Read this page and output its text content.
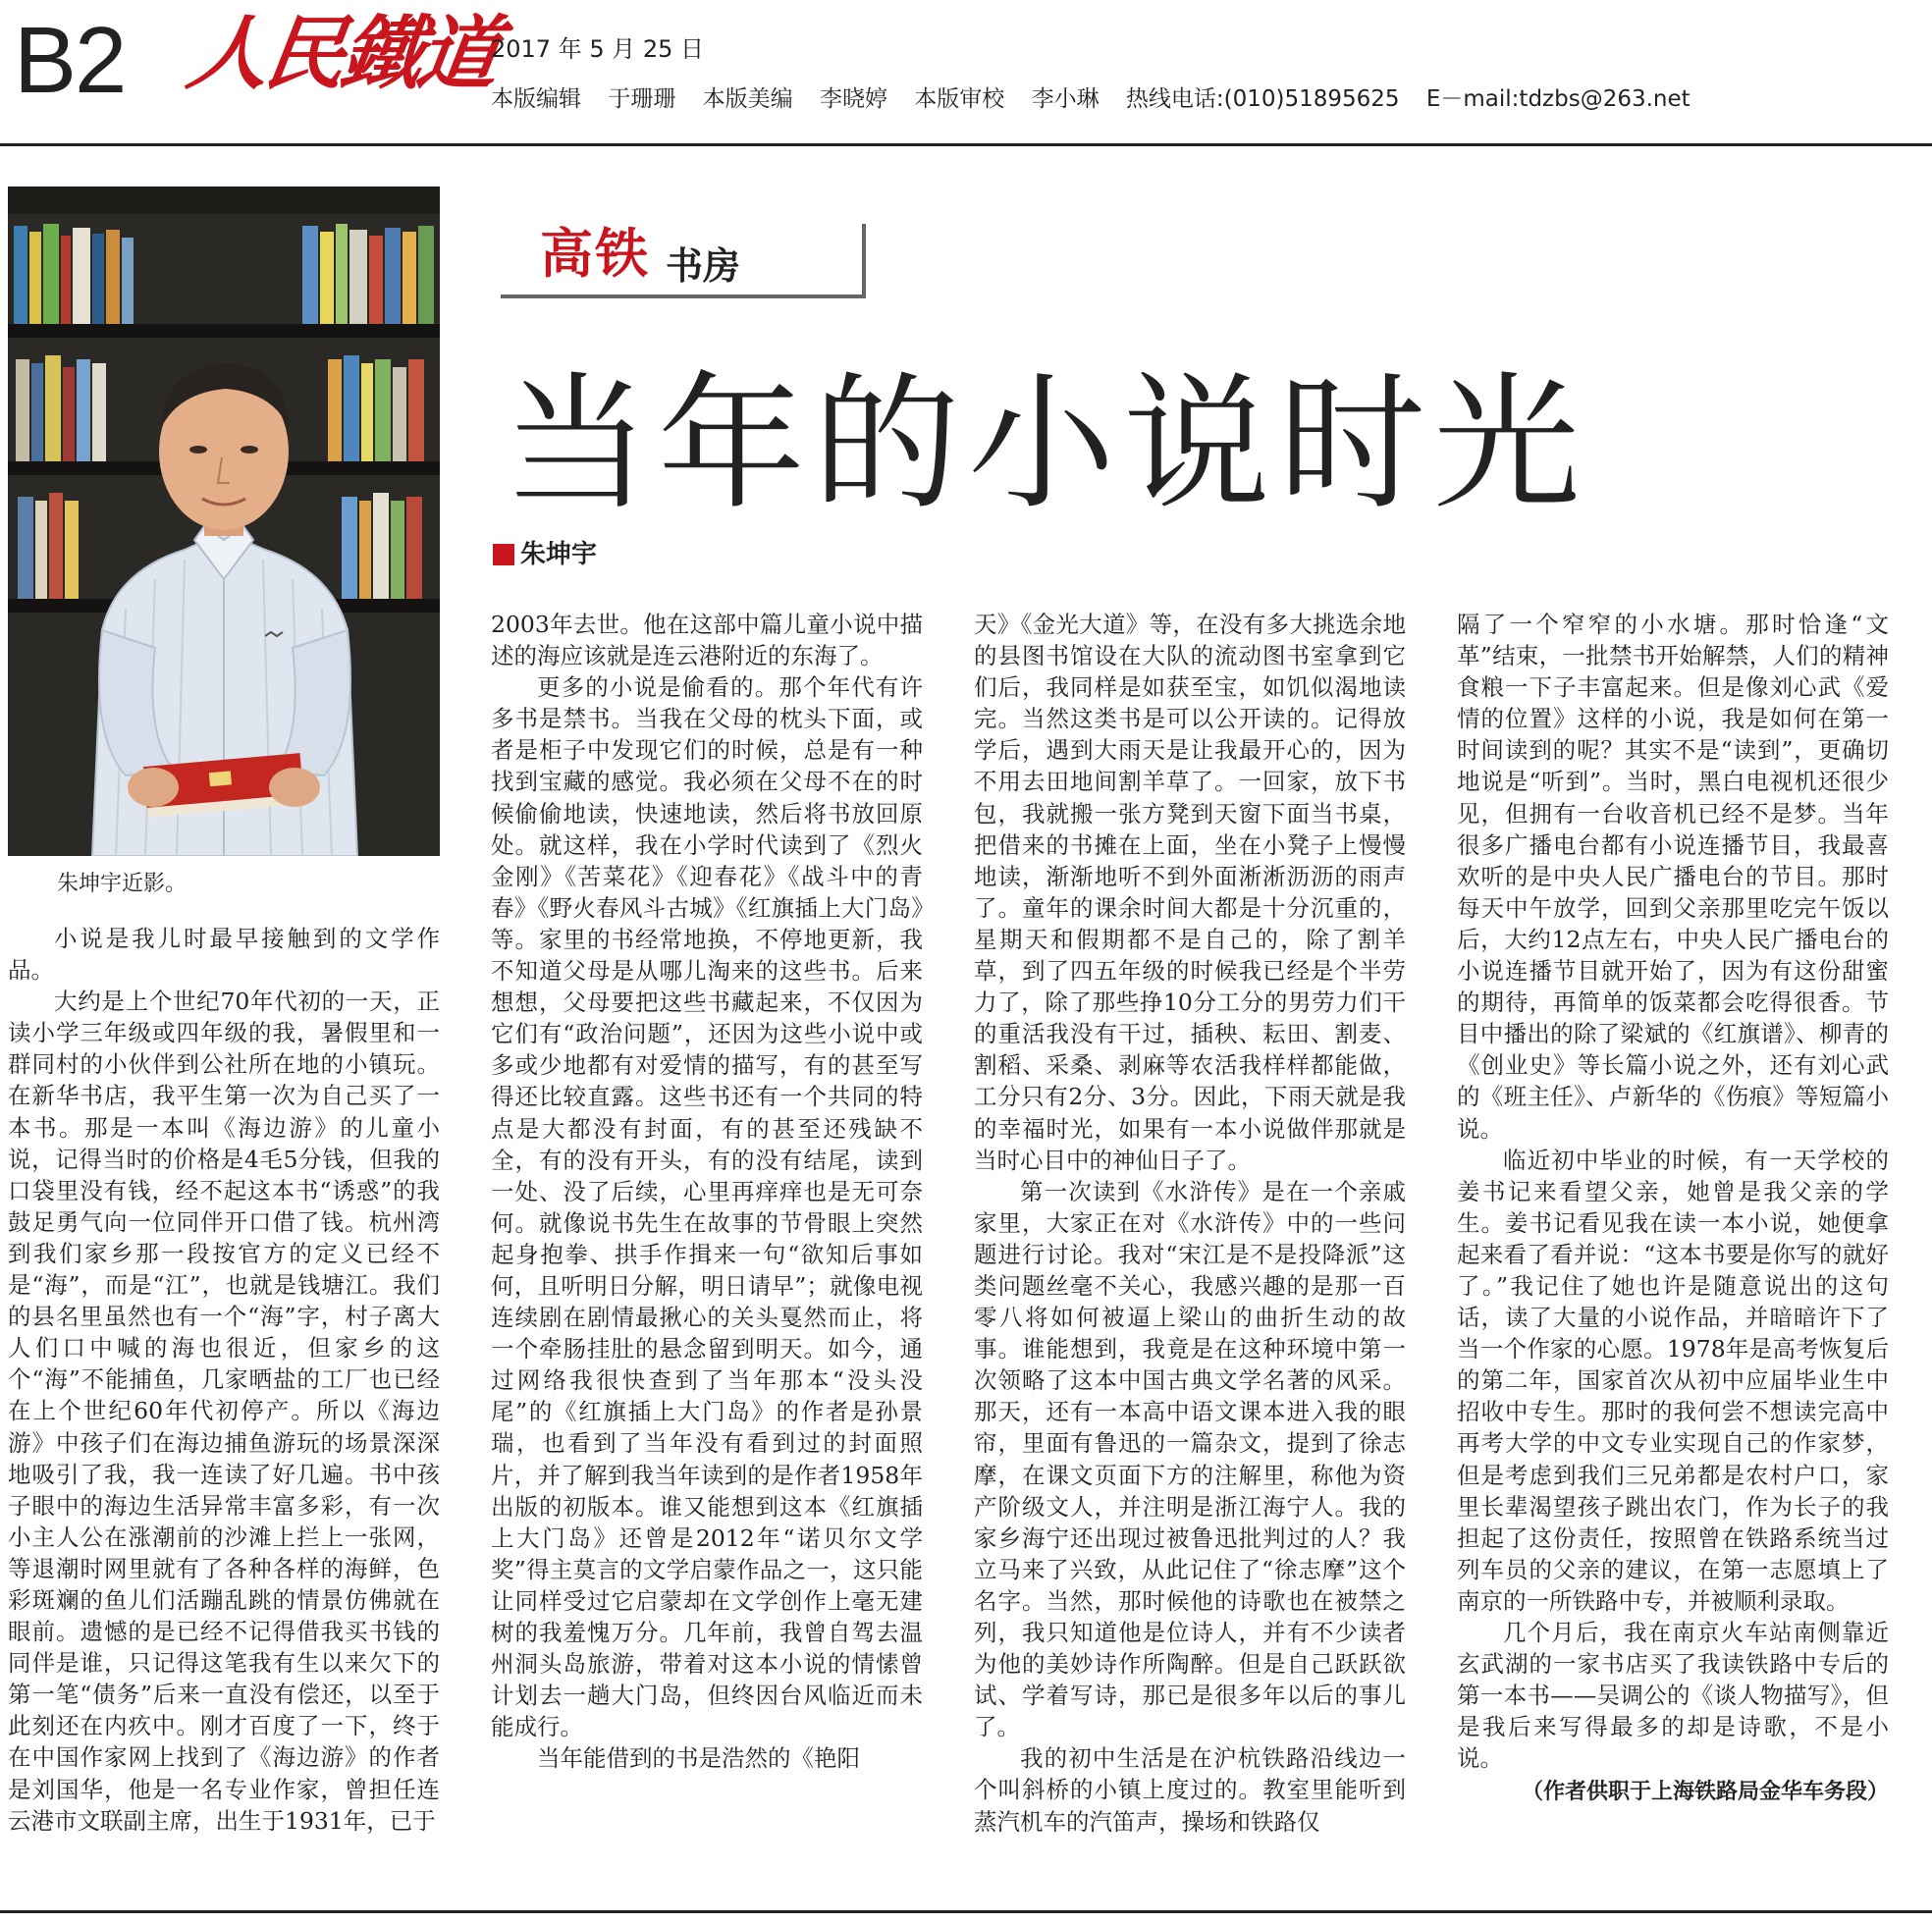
B2 人民鐵道
2017 年 5 月 25 日
本版编辑 于珊珊 本版美编 李晓婷 本版审校 李小琳 热线电话:(010)51895625 E－mail:tdzbs@263.net
朱坤宇近影。
高铁 书房
当年的小说时光
朱坤宇

小说是我儿时最早接触到的文学作品。

大约是上个世纪70年代初的一天，正读小学三年级或四年级的我，暑假里和一群同村的小伙伴到公社所在地的小镇玩。在新华书店，我平生第一次为自己买了一本书。那是一本叫《海边游》的儿童小说，记得当时的价格是4毛5分钱，但我的口袋里没有钱，经不起这本书“诱惑”的我鼓足勇气向一位同伴开口借了钱。杭州湾到我们家乡那一段按官方的定义已经不是“海”，而是“江”，也就是钱塘江。我们的县名里虽然也有一个“海”字，村子离大人们口中喊的海也很近，但家乡的这个“海”不能捕鱼，几家晒盐的工厂也已经在上个世纪60年代初停产。所以《海边游》中孩子们在海边捕鱼游玩的场景深深地吸引了我，我一连读了好几遍。书中孩子眼中的海边生活异常丰富多彩，有一次小主人公在涨潮前的沙滩上拦上一张网，等退潮时网里就有了各种各样的海鲜，色彩斑斓的鱼儿们活蹦乱跳的情景仿佛就在眼前。遗憾的是已经不记得借我买书钱的同伴是谁，只记得这笔我有生以来欠下的第一笔“债务”后来一直没有偿还，以至于此刻还在内疚中。刚才百度了一下，终于在中国作家网上找到了《海边游》的作者是刘国华，他是一名专业作家，曾担任连云港市文联副主席，出生于1931年，已于

2003年去世。他在这部中篇儿童小说中描述的海应该就是连云港附近的东海了。

更多的小说是偷看的。那个年代有许多书是禁书。当我在父母的枕头下面，或者是柜子中发现它们的时候，总是有一种找到宝藏的感觉。我必须在父母不在的时候偷偷地读，快速地读，然后将书放回原处。就这样，我在小学时代读到了《烈火金刚》《苦菜花》《迎春花》《战斗中的青春》《野火春风斗古城》《红旗插上大门岛》等。家里的书经常地换，不停地更新，我不知道父母是从哪儿淘来的这些书。后来想想，父母要把这些书藏起来，不仅因为它们有“政治问题”，还因为这些小说中或多或少地都有对爱情的描写，有的甚至写得还比较直露。这些书还有一个共同的特点是大都没有封面，有的甚至还残缺不全，有的没有开头，有的没有结尾，读到一处、没了后续，心里再痒痒也是无可奈何。就像说书先生在故事的节骨眼上突然起身抱拳、拱手作揖来一句“欲知后事如何，且听明日分解，明日请早”；就像电视连续剧在剧情最揪心的关头戛然而止，将一个牵肠挂肚的悬念留到明天。如今，通过网络我很快查到了当年那本“没头没尾”的《红旗插上大门岛》的作者是孙景瑞，也看到了当年没有看到过的封面照片，并了解到我当年读到的是作者1958年出版的初版本。谁又能想到这本《红旗插上大门岛》还曾是2012年“诺贝尔文学奖”得主莫言的文学启蒙作品之一，这只能让同样受过它启蒙却在文学创作上毫无建树的我羞愧万分。几年前，我曾自驾去温州洞头岛旅游，带着对这本小说的情愫曾计划去一趟大门岛，但终因台风临近而未能成行。

当年能借到的书是浩然的《艳阳

天》《金光大道》等，在没有多大挑选余地的县图书馆设在大队的流动图书室拿到它们后，我同样是如获至宝，如饥似渴地读完。当然这类书是可以公开读的。记得放学后，遇到大雨天是让我最开心的，因为不用去田地间割羊草了。一回家，放下书包，我就搬一张方凳到天窗下面当书桌，把借来的书摊在上面，坐在小凳子上慢慢地读，渐渐地听不到外面淅淅沥沥的雨声了。童年的课余时间大都是十分沉重的，星期天和假期都不是自己的，除了割羊草，到了四五年级的时候我已经是个半劳力了，除了那些挣10分工分的男劳力们干的重活我没有干过，插秧、耘田、割麦、割稻、采桑、剥麻等农活我样样都能做，工分只有2分、3分。因此，下雨天就是我的幸福时光，如果有一本小说做伴那就是当时心目中的神仙日子了。

第一次读到《水浒传》是在一个亲戚家里，大家正在对《水浒传》中的一些问题进行讨论。我对“宋江是不是投降派”这类问题丝毫不关心，我感兴趣的是那一百零八将如何被逼上梁山的曲折生动的故事。谁能想到，我竟是在这种环境中第一次领略了这本中国古典文学名著的风采。那天，还有一本高中语文课本进入我的眼帘，里面有鲁迅的一篇杂文，提到了徐志摩，在课文页面下方的注解里，称他为资产阶级文人，并注明是浙江海宁人。我的家乡海宁还出现过被鲁迅批判过的人？我立马来了兴致，从此记住了“徐志摩”这个名字。当然，那时候他的诗歌也在被禁之列，我只知道他是位诗人，并有不少读者为他的美妙诗作所陶醉。但是自己跃跃欲试、学着写诗，那已是很多年以后的事儿了。

我的初中生活是在沪杭铁路沿线边一个叫斜桥的小镇上度过的。教室里能听到蒸汽机车的汽笛声，操场和铁路仅

隔了一个窄窄的小水塘。那时恰逢“文革”结束，一批禁书开始解禁，人们的精神食粮一下子丰富起来。但是像刘心武《爱情的位置》这样的小说，我是如何在第一时间读到的呢？其实不是“读到”，更确切地说是“听到”。当时，黑白电视机还很少见，但拥有一台收音机已经不是梦。当年很多广播电台都有小说连播节目，我最喜欢听的是中央人民广播电台的节目。那时每天中午放学，回到父亲那里吃完午饭以后，大约12点左右，中央人民广播电台的小说连播节目就开始了，因为有这份甜蜜的期待，再简单的饭菜都会吃得很香。节目中播出的除了梁斌的《红旗谱》、柳青的《创业史》等长篇小说之外，还有刘心武的《班主任》、卢新华的《伤痕》等短篇小说。

临近初中毕业的时候，有一天学校的姜书记来看望父亲，她曾是我父亲的学生。姜书记看见我在读一本小说，她便拿起来看了看并说：“这本书要是你写的就好了。”我记住了她也许是随意说出的这句话，读了大量的小说作品，并暗暗许下了当一个作家的心愿。1978年是高考恢复后的第二年，国家首次从初中应届毕业生中招收中专生。那时的我何尝不想读完高中再考大学的中文专业实现自己的作家梦，但是考虑到我们三兄弟都是农村户口，家里长辈渴望孩子跳出农门，作为长子的我担起了这份责任，按照曾在铁路系统当过列车员的父亲的建议，在第一志愿填上了南京的一所铁路中专，并被顺利录取。

几个月后，我在南京火车站南侧靠近玄武湖的一家书店买了我读铁路中专后的第一本书——吴调公的《谈人物描写》，但是我后来写得最多的却是诗歌，不是小说。

（作者供职于上海铁路局金华车务段）
